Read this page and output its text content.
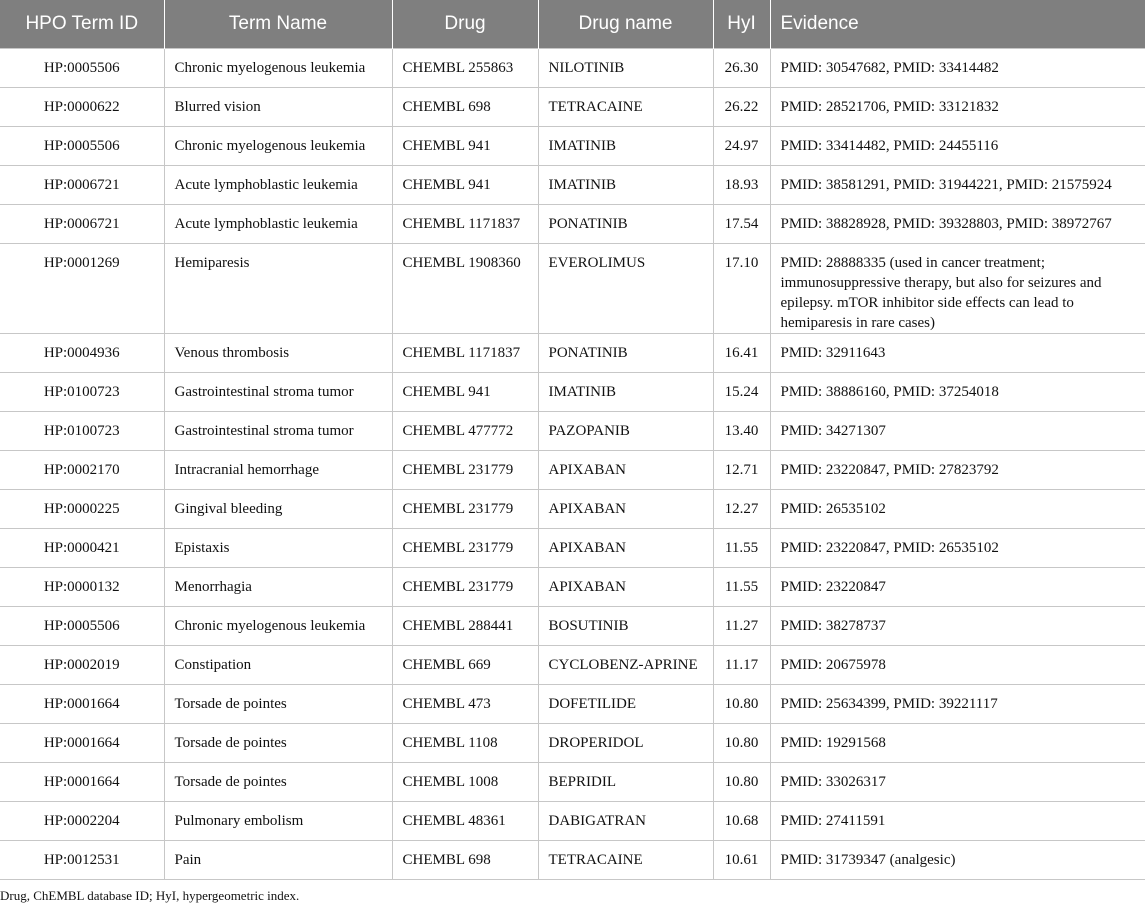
HPO Term ID	Term Name	Drug	Drug name	HyI	Evidence
HP:0005506	Chronic myelogenous leukemia	CHEMBL 255863	NILOTINIB	26.30	PMID: 30547682, PMID: 33414482
HP:0000622	Blurred vision	CHEMBL 698	TETRACAINE	26.22	PMID: 28521706, PMID: 33121832
HP:0005506	Chronic myelogenous leukemia	CHEMBL 941	IMATINIB	24.97	PMID: 33414482, PMID: 24455116
HP:0006721	Acute lymphoblastic leukemia	CHEMBL 941	IMATINIB	18.93	PMID: 38581291, PMID: 31944221, PMID: 21575924
HP:0006721	Acute lymphoblastic leukemia	CHEMBL 1171837	PONATINIB	17.54	PMID: 38828928, PMID: 39328803, PMID: 38972767
HP:0001269	Hemiparesis	CHEMBL 1908360	EVEROLIMUS	17.10	PMID: 28888335 (used in cancer treatment; immunosuppressive therapy, but also for seizures and epilepsy. mTOR inhibitor side effects can lead to hemiparesis in rare cases)
HP:0004936	Venous thrombosis	CHEMBL 1171837	PONATINIB	16.41	PMID: 32911643
HP:0100723	Gastrointestinal stroma tumor	CHEMBL 941	IMATINIB	15.24	PMID: 38886160, PMID: 37254018
HP:0100723	Gastrointestinal stroma tumor	CHEMBL 477772	PAZOPANIB	13.40	PMID: 34271307
HP:0002170	Intracranial hemorrhage	CHEMBL 231779	APIXABAN	12.71	PMID: 23220847, PMID: 27823792
HP:0000225	Gingival bleeding	CHEMBL 231779	APIXABAN	12.27	PMID: 26535102
HP:0000421	Epistaxis	CHEMBL 231779	APIXABAN	11.55	PMID: 23220847, PMID: 26535102
HP:0000132	Menorrhagia	CHEMBL 231779	APIXABAN	11.55	PMID: 23220847
HP:0005506	Chronic myelogenous leukemia	CHEMBL 288441	BOSUTINIB	11.27	PMID: 38278737
HP:0002019	Constipation	CHEMBL 669	CYCLOBENZ-APRINE	11.17	PMID: 20675978
HP:0001664	Torsade de pointes	CHEMBL 473	DOFETILIDE	10.80	PMID: 25634399, PMID: 39221117
HP:0001664	Torsade de pointes	CHEMBL 1108	DROPERIDOL	10.80	PMID: 19291568
HP:0001664	Torsade de pointes	CHEMBL 1008	BEPRIDIL	10.80	PMID: 33026317
HP:0002204	Pulmonary embolism	CHEMBL 48361	DABIGATRAN	10.68	PMID: 27411591
HP:0012531	Pain	CHEMBL 698	TETRACAINE	10.61	PMID: 31739347 (analgesic)
Drug, ChEMBL database ID; HyI, hypergeometric index.
